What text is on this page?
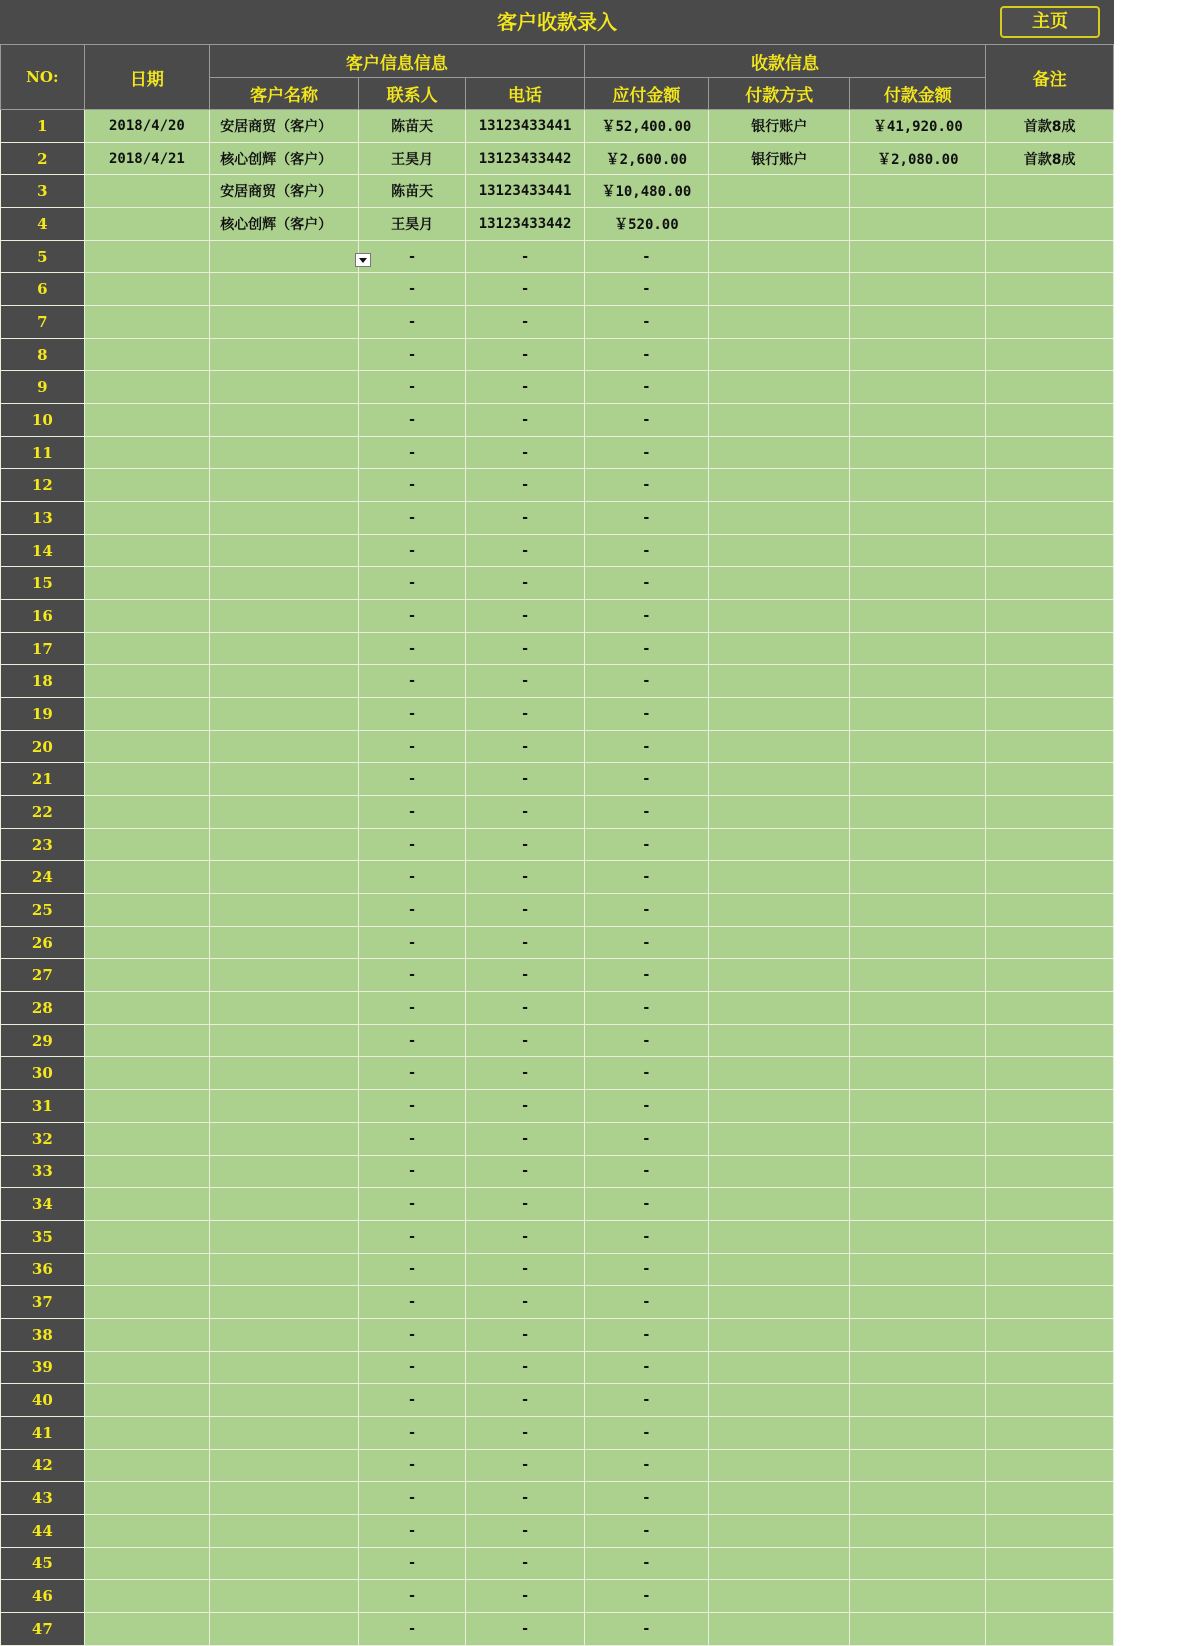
客户收款录入	主页
NO:	日期	客户信息信息			收款信息			备注
		客户名称	联系人	电话	应付金额	付款方式	付款金额	
1	2018/4/20	安居商贸（客户）	陈苗天	13123433441	￥52,400.00	银行账户	￥41,920.00	首款8成
2	2018/4/21	核心创辉（客户）	王昊月	13123433442	￥2,600.00	银行账户	￥2,080.00	首款8成
3		安居商贸（客户）	陈苗天	13123433441	￥10,480.00			
4		核心创辉（客户）	王昊月	13123433442	￥520.00			
5			-	-	-			
6			-	-	-			
7			-	-	-			
8			-	-	-			
9			-	-	-			
10			-	-	-			
11			-	-	-			
12			-	-	-			
13			-	-	-			
14			-	-	-			
15			-	-	-			
16			-	-	-			
17			-	-	-			
18			-	-	-			
19			-	-	-			
20			-	-	-			
21			-	-	-			
22			-	-	-			
23			-	-	-			
24			-	-	-			
25			-	-	-			
26			-	-	-			
27			-	-	-			
28			-	-	-			
29			-	-	-			
30			-	-	-			
31			-	-	-			
32			-	-	-			
33			-	-	-			
34			-	-	-			
35			-	-	-			
36			-	-	-			
37			-	-	-			
38			-	-	-			
39			-	-	-			
40			-	-	-			
41			-	-	-			
42			-	-	-			
43			-	-	-			
44			-	-	-			
45			-	-	-			
46			-	-	-			
47			-	-	-			
